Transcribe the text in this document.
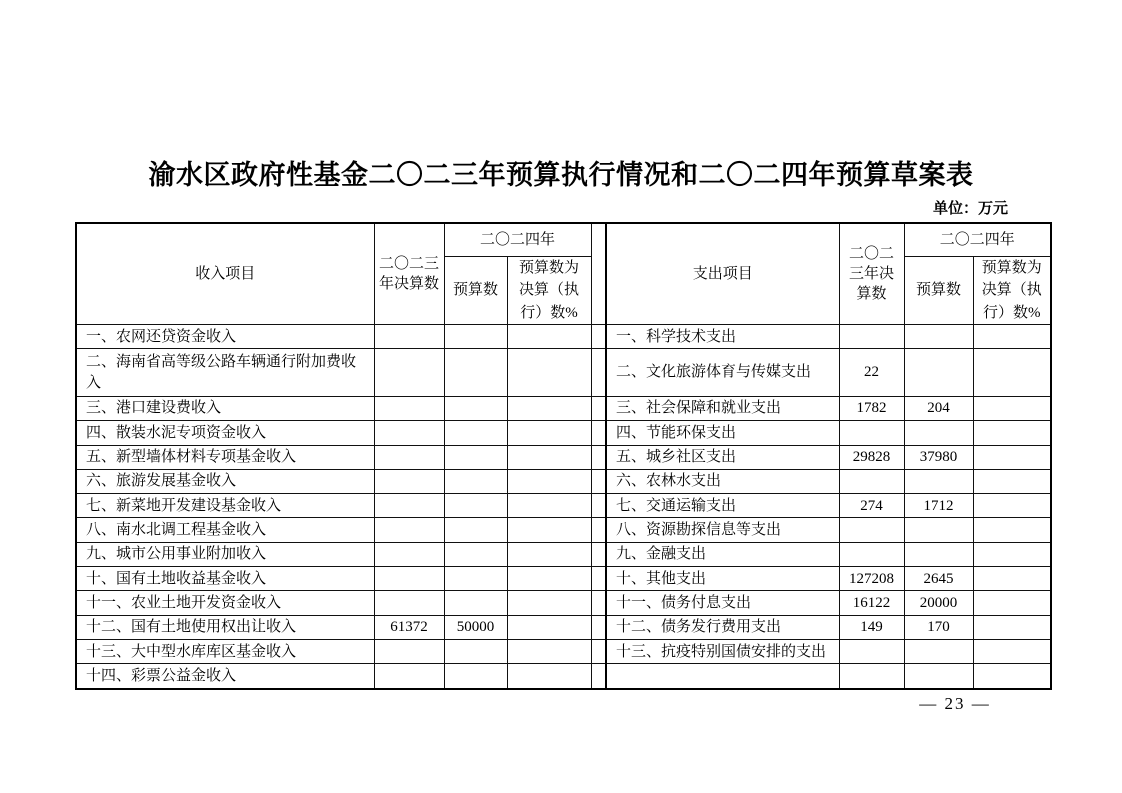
渝水区政府性基金二〇二三年预算执行情况和二〇二四年预算草案表
单位：万元
收入项目	二〇二三年决算数	二〇二四年			支出项目	二〇二三年决算数	二〇二四年	
		预算数	预算数为决算（执行）数%				预算数	预算数为决算（执行）数%
一、农网还贷资金收入					一、科学技术支出			
二、海南省高等级公路车辆通行附加费收入					二、文化旅游体育与传媒支出	22		
三、港口建设费收入					三、社会保障和就业支出	1782	204	
四、散装水泥专项资金收入					四、节能环保支出			
五、新型墙体材料专项基金收入					五、城乡社区支出	29828	37980	
六、旅游发展基金收入					六、农林水支出			
七、新菜地开发建设基金收入					七、交通运输支出	274	1712	
八、南水北调工程基金收入					八、资源勘探信息等支出			
九、城市公用事业附加收入					九、金融支出			
十、国有土地收益基金收入					十、其他支出	127208	2645	
十一、农业土地开发资金收入					十一、债务付息支出	16122	20000	
十二、国有土地使用权出让收入	61372	50000			十二、债务发行费用支出	149	170	
十三、大中型水库库区基金收入					十三、抗疫特别国债安排的支出			
十四、彩票公益金收入								
— 23 —
